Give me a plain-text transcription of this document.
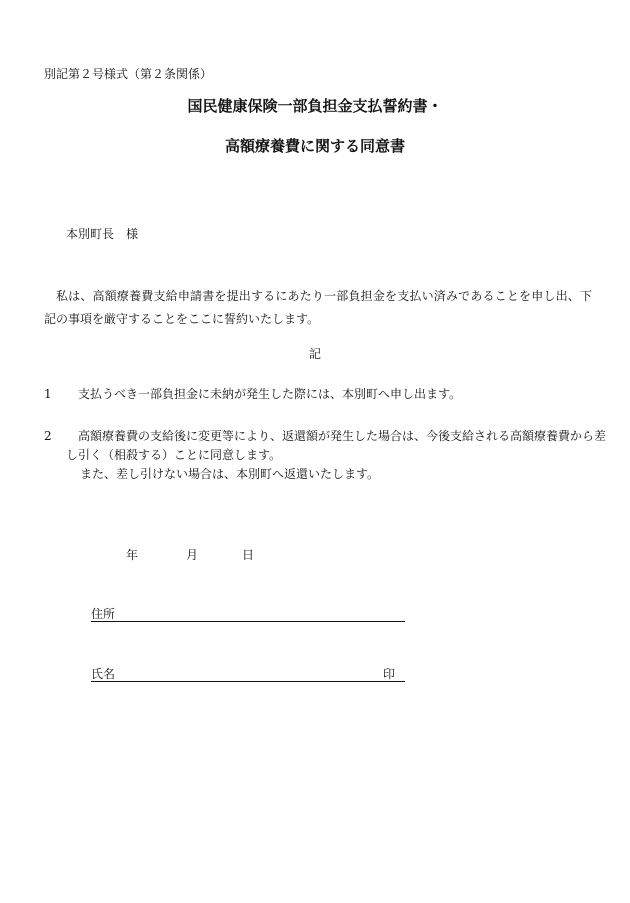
別記第２号様式（第２条関係）
国民健康保険一部負担金支払誓約書・
高額療養費に関する同意書
本別町長　様
私は、高額療養費支給申請書を提出するにあたり一部負担金を支払い済みであることを申し出、下記の事項を厳守することをここに誓約いたします。
記
1 支払うべき一部負担金に未納が発生した際には、本別町へ申し出ます。
2 高額療養費の支給後に変更等により、返還額が発生した場合は、今後支給される高額療養費から差
し引く（相殺する）ことに同意します。
また、差し引けない場合は、本別町へ返還いたします。
年	月	日
住所
氏名	印
